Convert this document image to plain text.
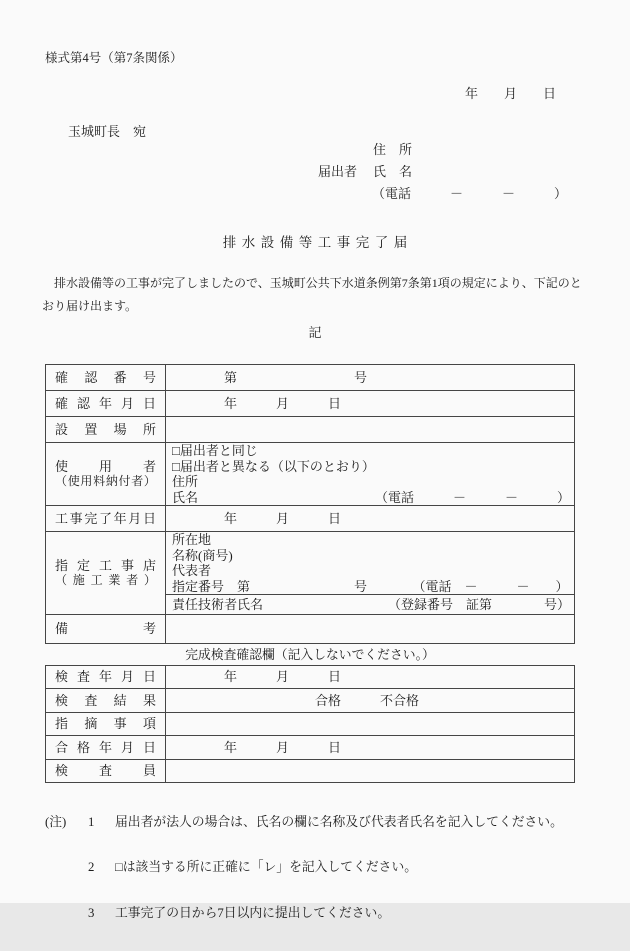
様式第4号（第7条関係）
年　　月　　日
玉城町長　宛
住　所
届出者 氏　名
（電話　　　－　　　－　　　）
排水設備等工事完了届
　排水設備等の工事が完了しましたので、玉城町公共下水道条例第7条第1項の規定により、下記のとおり届け出ます。
記
確 認 番 号 　　　　第　　　　　　　　　号
確 認 年 月 日 　　　　年　　　月　　　日
設 置 場 所
使 用 者
（ 使 用 料 納 付 者 ）
□届出者と同じ
□届出者と異なる（以下のとおり）
住所
氏名	（電話　　　－　　　－　　　）
工 事 完 了 年 月 日 　　　　年　　　月　　　日
指 定 工 事 店
（ 施 工 業 者 ）
所在地
名称(商号)
代表者
指定番号　第　　　　　　　　号　　　　（電話　－　　　－　　）
責任技術者氏名	（登録番号　証第　　　　号）
備	考
完成検査確認欄（記入しないでください。）
検 査 年 月 日 　　　　年　　　月　　　日
検 査 結 果 　　　　　　　　　　　合格　　　不合格
指 摘 事 項
合 格 年 月 日 　　　　年　　　月　　　日
検 査 員

(注)	1	届出者が法人の場合は、氏名の欄に名称及び代表者氏名を記入してください。

2	□は該当する所に正確に「レ」を記入してください。

3	工事完了の日から7日以内に提出してください。
